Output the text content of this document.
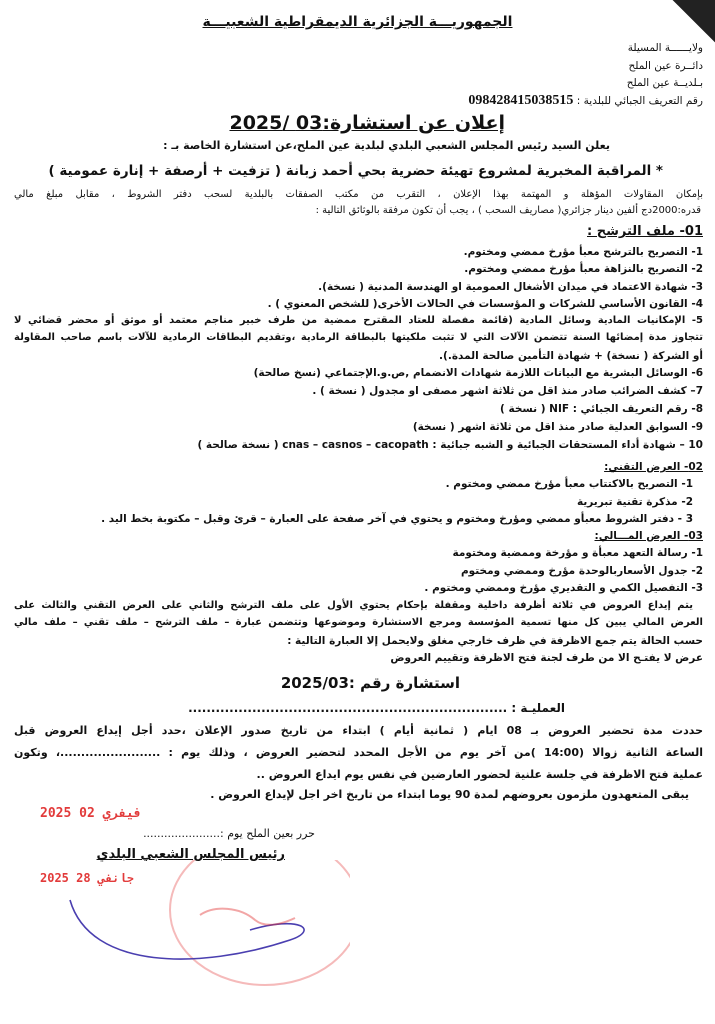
الجمهوريـــة الجزائرية الديمقراطية الشعبيـــة
ولايــــــة المسيلة
دائــرة عين الملح
بـلديــة عين الملح
رقم التعريف الجبائي للبلدية : 098428415038515
إعلان عن استشارة:03 /2025
يعلن السيد رئيس المجلس الشعبي البلدي لبلدية عين الملح،عن استشارة الخاصة بـ :
* المراقبة المخبرية لمشروع تهيئة حضرية بحي أحمد زبانة ( تزفيت + أرصفة + إنارة عمومية )
بإمكان المقاولات المؤهلة و المهتمة بهذا الإعلان ، التقرب من مكتب الصفقات بالبلدية لسحب دفتر الشروط ، مقابل مبلغ مالي
قدره:2000دج ألفين دينار جزائري( مصاريف السحب ) ، يجب أن تكون مرفقة بالوثائق التالية :
01- ملف الترشح :
1- التصريح بالترشح معبأ مؤرخ ممضي ومختوم.
2- التصريح بالنزاهة معبأ مؤرخ ممضي ومختوم.
3- شهادة الاعتماد في ميدان الأشغال العمومية او الهندسة المدنية ( نسخة).
4- القانون الأساسي للشركات و المؤسسات في الحالات الأخرى( للشخص المعنوي ) .
5- الإمكانيات المادية وسائل المادية (قائمة مفصلة للعتاد المقترح ممضية من طرف خبير مناجم معتمد أو موثق أو محضر قضائي لا
تتجاوز مدة إمضائها السنة تتضمن الآلات التي لا تثبت ملكيتها بالبطاقة الرمادية ،وتقديم البطاقات الرمادية للآلات باسم صاحب المقاولة
أو الشركة ( نسخة) + شهادة التأمين صالحة المدة.).
6- الوسائل البشرية مع البيانات اللازمة شهادات الانضمام ,ص.و.الإجتماعي (نسخ صالحة)
7– كشف الضرائب صادر منذ اقل من ثلاثة اشهر مصفى او مجدول ( نسخة ) .
8- رقم التعريف الجبائي : NIF ( نسخة )
9- السوابق العدلية صادر منذ اقل من ثلاثة اشهر ( نسخة)
10 – شهادة أداء المستحقات الجبائية و الشبه جبائية : cnas – casnos – cacopath ( نسخة صالحة )
02- العرض التقني:
1- التصريح بالاكتتاب معبأ مؤرخ ممضي ومختوم .
2- مذكرة تقنية تبريرية
3 - دفتر الشروط معبأو ممضي ومؤرخ ومختوم و يحتوي في آخر صفحة على العبارة – قرئ وقبل – مكتوبة بخط اليد .
03- العرض المـــالي:
1- رسالة التعهد معبأة و مؤرخة وممضية ومختومة
2- جدول الأسعاربالوحدة مؤرخ وممضي ومختوم
3- التفصيل الكمي و التقديري مؤرخ وممضي ومختوم .
يتم إيداع العروض في ثلاثة أظرفة داخلية ومقفلة بإحكام يحتوي الأول على ملف الترشح والثاني على العرض التقني والثالث على
العرض المالي يبين كل منها تسمية المؤسسة ومرجع الاستشارة وموضوعها وتتضمن عبارة – ملف الترشح – ملف تقني – ملف مالي
حسب الحالة يتم جمع الاظرفة في ظرف خارجي مغلق ولايحمل إلا العبارة التالية :
عرض لا يفتـح الا من طرف لجنة فتح الاظرفة وتقييم العروض
استشارة رقم :2025/03
العمليـة : ......................................................................
حددت مدة تحضير العروض بـ 08 ايام ( ثمانية أيام ) ابتداء من تاريخ صدور الإعلان ،حدد أجل إيداع العروض قبل
الساعة الثانية زوالا (14:00 )من آخر يوم من الأجل المحدد لتحضير العروض ، وذلك يوم : ........................، وتكون
عملية فتح الاظرفة في جلسة علنية لحضور العارضين في نفس يوم ايداع العروض ..
يبقى المتعهدون ملزمون بعروضهم لمدة 90 يوما ابتداء من تاريخ اخر اجل لإيداع العروض .
2025 فيفري 02
حرر بعين الملح يوم :......................
رئيس المجلس الشعبي البلدي
2025 جانفي 28
